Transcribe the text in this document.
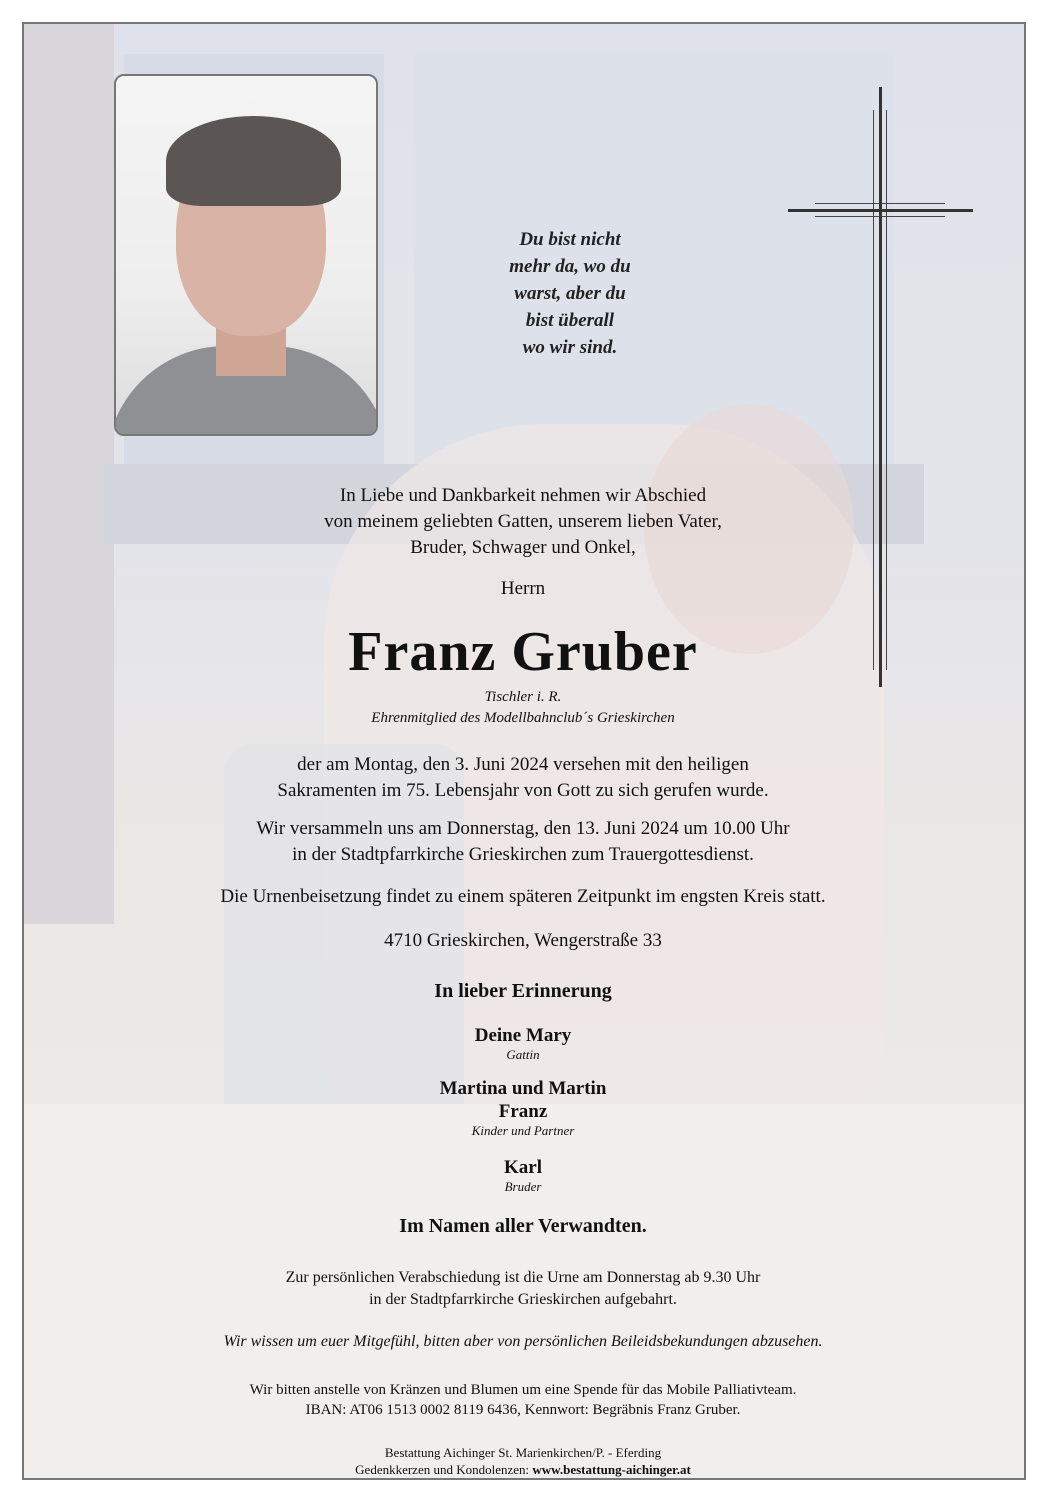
Du bist nicht
mehr da, wo du
warst, aber du
bist überall
wo wir sind.
In Liebe und Dankbarkeit nehmen wir Abschied
von meinem geliebten Gatten, unserem lieben Vater,
Bruder, Schwager und Onkel,
Herrn
Franz Gruber
Tischler i. R.
Ehrenmitglied des Modellbahnclub´s Grieskirchen
der am Montag, den 3. Juni 2024 versehen mit den heiligen
Sakramenten im 75. Lebensjahr von Gott zu sich gerufen wurde.
Wir versammeln uns am Donnerstag, den 13. Juni 2024 um 10.00 Uhr
in der Stadtpfarrkirche Grieskirchen zum Trauergottesdienst.
Die Urnenbeisetzung findet zu einem späteren Zeitpunkt im engsten Kreis statt.
4710 Grieskirchen, Wengerstraße 33
In lieber Erinnerung
Deine Mary
Gattin
Martina und Martin
Franz
Kinder und Partner
Karl
Bruder
Im Namen aller Verwandten.
Zur persönlichen Verabschiedung ist die Urne am Donnerstag ab 9.30 Uhr
in der Stadtpfarrkirche Grieskirchen aufgebahrt.
Wir wissen um euer Mitgefühl, bitten aber von persönlichen Beileidsbekundungen abzusehen.
Wir bitten anstelle von Kränzen und Blumen um eine Spende für das Mobile Palliativteam.
IBAN: AT06 1513 0002 8119 6436, Kennwort: Begräbnis Franz Gruber.
Bestattung Aichinger St. Marienkirchen/P. - Eferding
Gedenkkerzen und Kondolenzen: www.bestattung-aichinger.at
